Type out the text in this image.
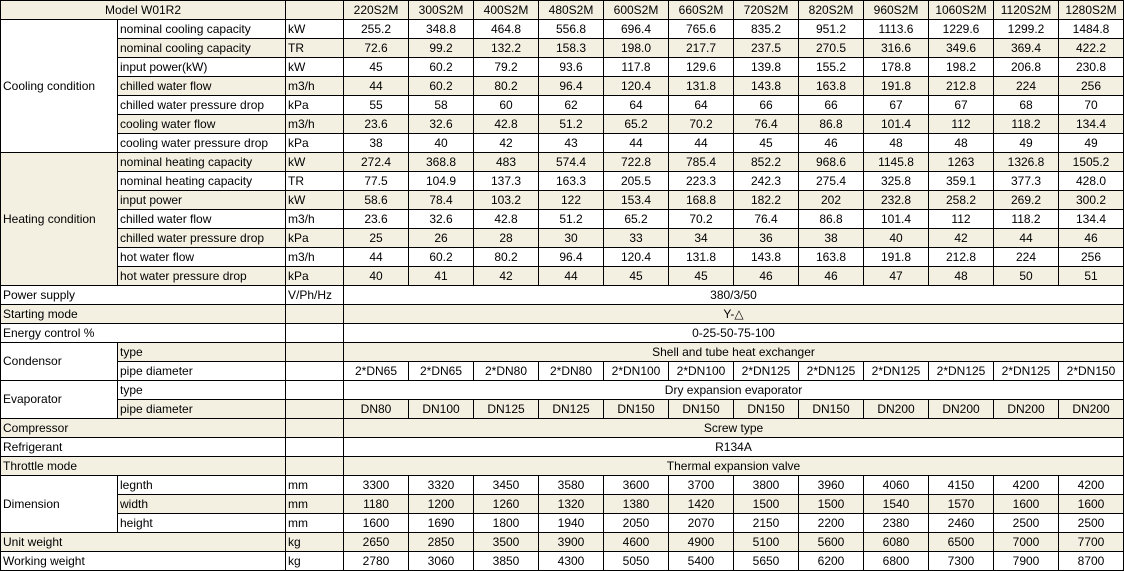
Model W01R2			220S2M	300S2M	400S2M	480S2M	600S2M	660S2M	720S2M	820S2M	960S2M	1060S2M	1120S2M	1280S2M
Cooling condition	nominal cooling capacity	kW	255.2	348.8	464.8	556.8	696.4	765.6	835.2	951.2	1113.6	1229.6	1299.2	1484.8
	nominal cooling capacity	TR	72.6	99.2	132.2	158.3	198.0	217.7	237.5	270.5	316.6	349.6	369.4	422.2
	input power(kW)	kW	45	60.2	79.2	93.6	117.8	129.6	139.8	155.2	178.8	198.2	206.8	230.8
	chilled water flow	m3/h	44	60.2	80.2	96.4	120.4	131.8	143.8	163.8	191.8	212.8	224	256
	chilled water pressure drop	kPa	55	58	60	62	64	64	66	66	67	67	68	70
	cooling water flow	m3/h	23.6	32.6	42.8	51.2	65.2	70.2	76.4	86.8	101.4	112	118.2	134.4
	cooling water pressure drop	kPa	38	40	42	43	44	44	45	46	48	48	49	49
Heating condition	nominal heating capacity	kW	272.4	368.8	483	574.4	722.8	785.4	852.2	968.6	1145.8	1263	1326.8	1505.2
	nominal heating capacity	TR	77.5	104.9	137.3	163.3	205.5	223.3	242.3	275.4	325.8	359.1	377.3	428.0
	input power	kW	58.6	78.4	103.2	122	153.4	168.8	182.2	202	232.8	258.2	269.2	300.2
	chilled water flow	m3/h	23.6	32.6	42.8	51.2	65.2	70.2	76.4	86.8	101.4	112	118.2	134.4
	chilled water pressure drop	kPa	25	26	28	30	33	34	36	38	40	42	44	46
	hot water flow	m3/h	44	60.2	80.2	96.4	120.4	131.8	143.8	163.8	191.8	212.8	224	256
	hot water pressure drop	kPa	40	41	42	44	45	45	46	46	47	48	50	51
Power supply		V/Ph/Hz	380/3/50											
Starting mode			Y-△											
Energy control %			0-25-50-75-100											
Condensor	type		Shell and tube heat exchanger											
	pipe diameter		2*DN65	2*DN65	2*DN80	2*DN80	2*DN100	2*DN100	2*DN125	2*DN125	2*DN125	2*DN125	2*DN125	2*DN150
Evaporator	type		Dry expansion evaporator											
	pipe diameter		DN80	DN100	DN125	DN125	DN150	DN150	DN150	DN150	DN200	DN200	DN200	DN200
Compressor			Screw type											
Refrigerant			R134A											
Throttle mode			Thermal expansion valve											
Dimension	legnth	mm	3300	3320	3450	3580	3600	3700	3800	3960	4060	4150	4200	4200
	width	mm	1180	1200	1260	1320	1380	1420	1500	1500	1540	1570	1600	1600
	height	mm	1600	1690	1800	1940	2050	2070	2150	2200	2380	2460	2500	2500
Unit weight		kg	2650	2850	3500	3900	4600	4900	5100	5600	6080	6500	7000	7700
Working weight		kg	2780	3060	3850	4300	5050	5400	5650	6200	6800	7300	7900	8700
